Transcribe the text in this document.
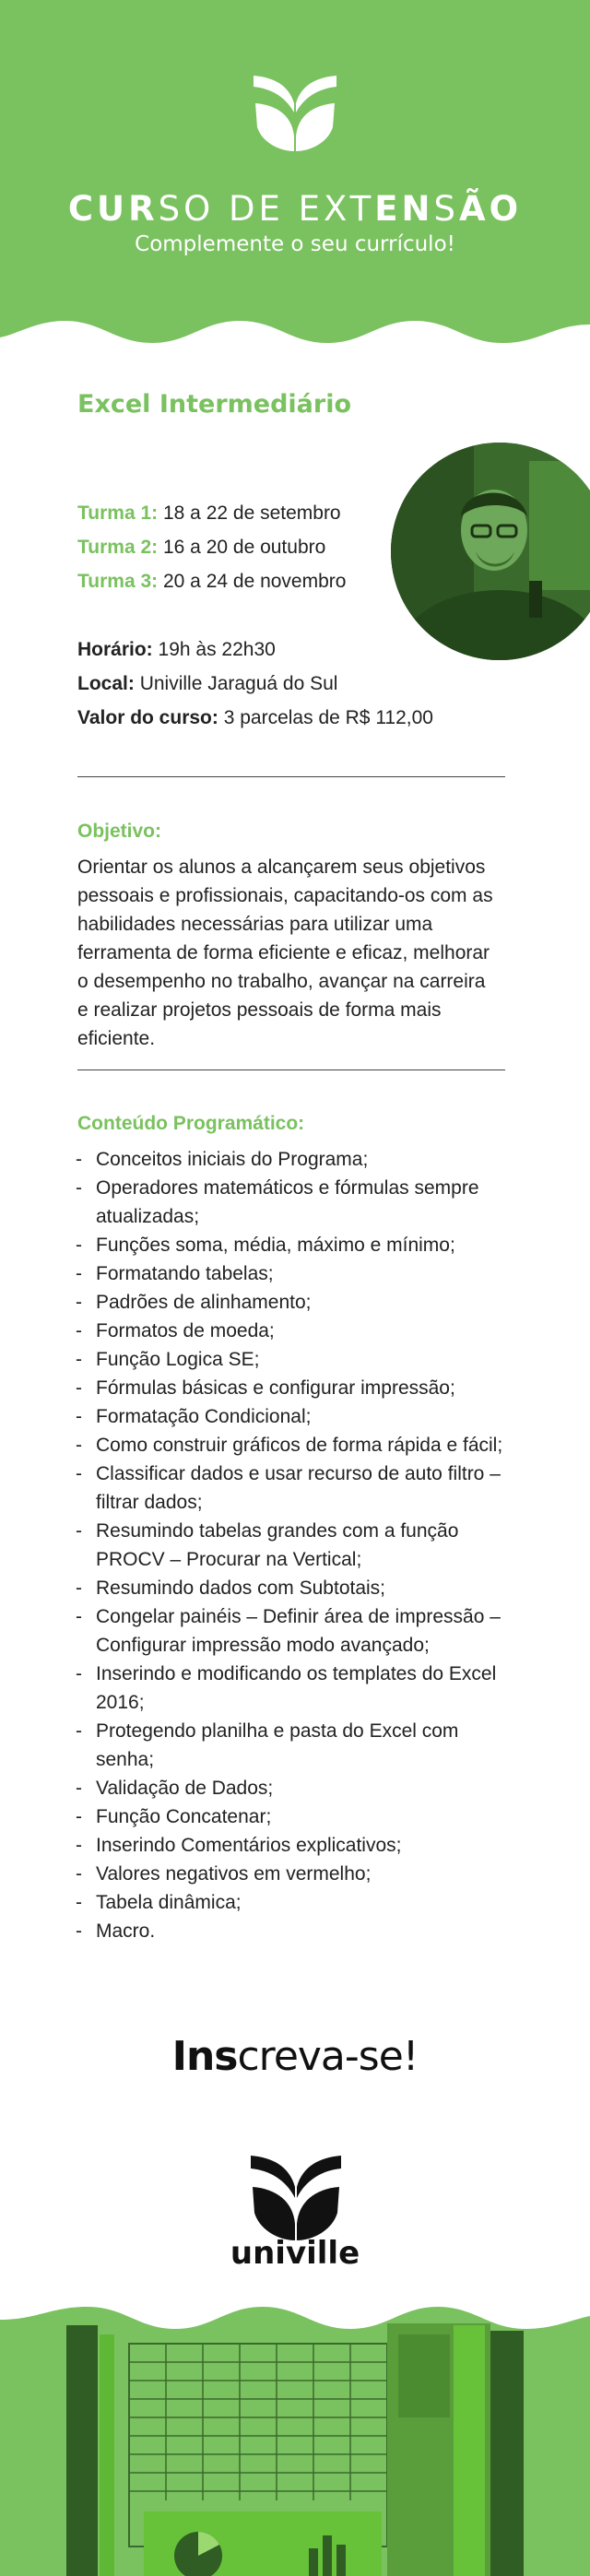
CURSO DE EXTENSÃO
Complemente o seu currículo!
Excel Intermediário
Turma 1: 18 a 22 de setembro
Turma 2: 16 a 20 de outubro
Turma 3: 20 a 24 de novembro
Horário: 19h às 22h30
Local: Univille Jaraguá do Sul
Valor do curso: 3 parcelas de R$ 112,00
Objetivo:
Orientar os alunos a alcançarem seus objetivos
pessoais e profissionais, capacitando-os com as
habilidades necessárias para utilizar uma
ferramenta de forma eficiente e eficaz, melhorar
o desempenho no trabalho, avançar na carreira
e realizar projetos pessoais de forma mais
eficiente.
Conteúdo Programático:
- Conceitos iniciais do Programa;
- Operadores matemáticos e fórmulas sempre atualizadas;
- Funções soma, média, máximo e mínimo;
- Formatando tabelas;
- Padrões de alinhamento;
- Formatos de moeda;
- Função Logica SE;
- Fórmulas básicas e configurar impressão;
- Formatação Condicional;
- Como construir gráficos de forma rápida e fácil;
- Classificar dados e usar recurso de auto filtro – filtrar dados;
- Resumindo tabelas grandes com a função PROCV – Procurar na Vertical;
- Resumindo dados com Subtotais;
- Congelar painéis – Definir área de impressão – Configurar impressão modo avançado;
- Inserindo e modificando os templates do Excel 2016;
- Protegendo planilha e pasta do Excel com senha;
- Validação de Dados;
- Função Concatenar;
- Inserindo Comentários explicativos;
- Valores negativos em vermelho;
- Tabela dinâmica;
- Macro.
Inscreva-se!
univille
